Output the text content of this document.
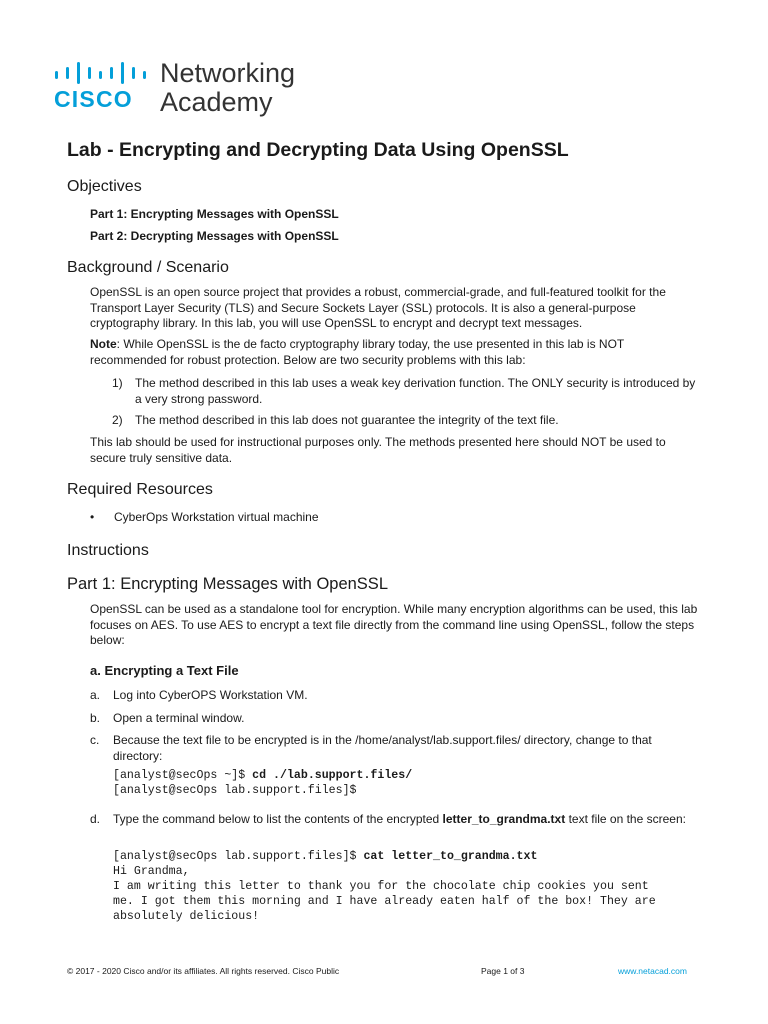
CISCO
Networking
Academy
Lab - Encrypting and Decrypting Data Using OpenSSL
Objectives

Part 1: Encrypting Messages with OpenSSL

Part 2: Decrypting Messages with OpenSSL

Background / Scenario

OpenSSL is an open source project that provides a robust, commercial-grade, and full-featured toolkit for the Transport Layer Security (TLS) and Secure Sockets Layer (SSL) protocols. It is also a general-purpose cryptography library. In this lab, you will use OpenSSL to encrypt and decrypt text messages.

Note: While OpenSSL is the de facto cryptography library today, the use presented in this lab is NOT recommended for robust protection. Below are two security problems with this lab:

1) The method described in this lab uses a weak key derivation function. The ONLY security is introduced by a very strong password.
2) The method described in this lab does not guarantee the integrity of the text file.

This lab should be used for instructional purposes only. The methods presented here should NOT be used to secure truly sensitive data.

Required Resources
• CyberOps Workstation virtual machine
Instructions
Part 1: Encrypting Messages with OpenSSL

OpenSSL can be used as a standalone tool for encryption. While many encryption algorithms can be used, this lab focuses on AES. To use AES to encrypt a text file directly from the command line using OpenSSL, follow the steps below:

a. Encrypting a Text File
a. Log into CyberOPS Workstation VM.
b. Open a terminal window.
c. Because the text file to be encrypted is in the /home/analyst/lab.support.files/ directory, change to that directory:
[analyst@secOps ~]$ cd ./lab.support.files/
[analyst@secOps lab.support.files]$
d. Type the command below to list the contents of the encrypted letter_to_grandma.txt text file on the screen:
[analyst@secOps lab.support.files]$ cat letter_to_grandma.txt
Hi Grandma,
I am writing this letter to thank you for the chocolate chip cookies you sent
me. I got them this morning and I have already eaten half of the box! They are
absolutely delicious!
© 2017 - 2020 Cisco and/or its affiliates. All rights reserved. Cisco Public	Page 1 of 3	www.netacad.com
